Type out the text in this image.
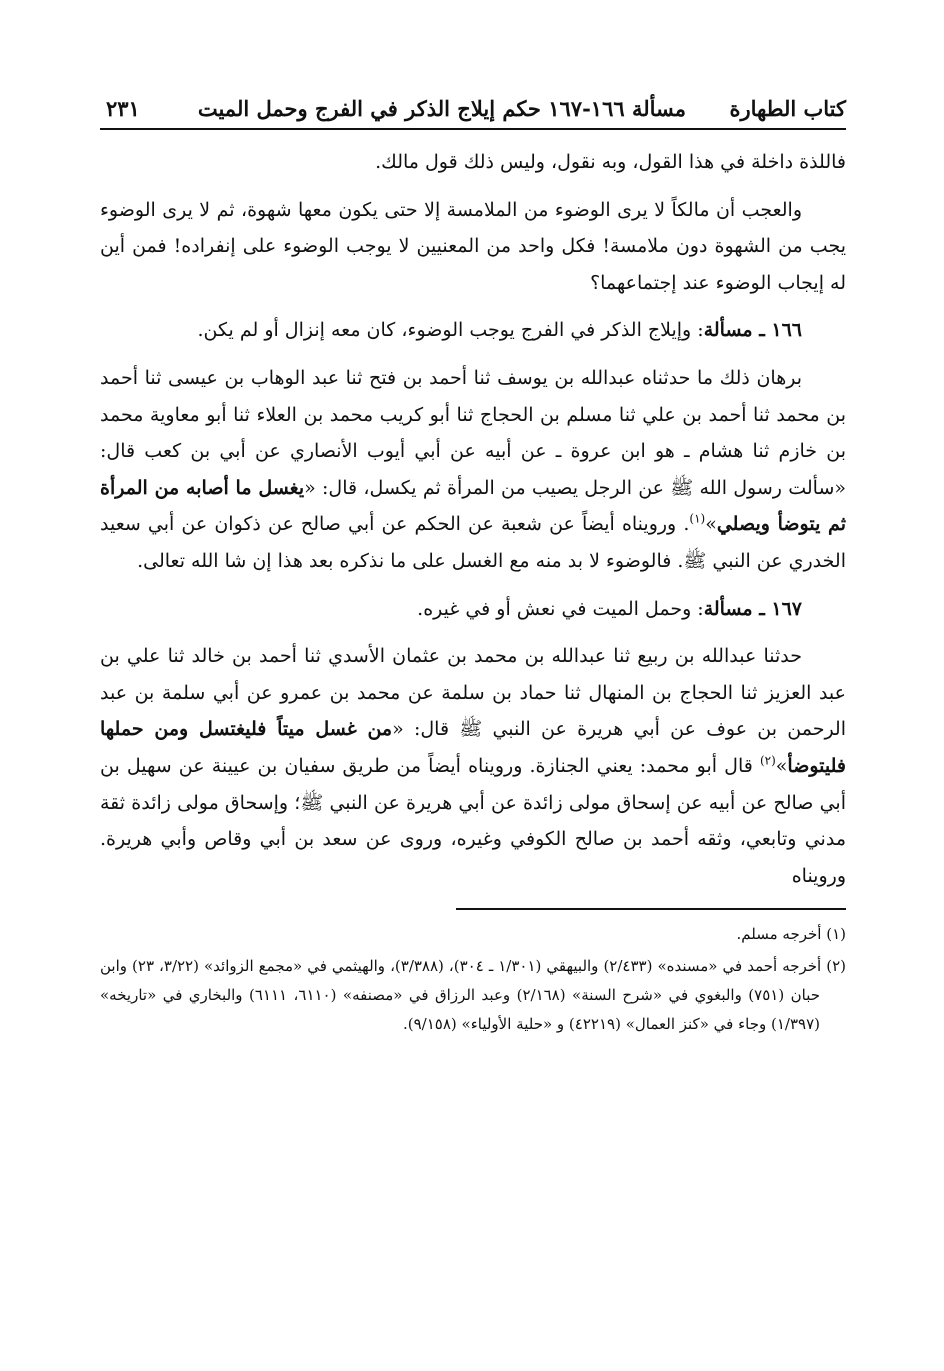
كتاب الطهارة
مسألة ١٦٦-١٦٧ حكم إيلاج الذكر في الفرج وحمل الميت
٢٣١

فاللذة داخلة في هذا القول، وبه نقول، وليس ذلك قول مالك.

والعجب أن مالكاً لا يرى الوضوء من الملامسة إلا حتى يكون معها شهوة، ثم لا يرى الوضوء يجب من الشهوة دون ملامسة! فكل واحد من المعنيين لا يوجب الوضوء على إنفراده! فمن أين له إيجاب الوضوء عند إجتماعهما؟

١٦٦ ـ مسألة: وإيلاج الذكر في الفرج يوجب الوضوء، كان معه إنزال أو لم يكن.

برهان ذلك ما حدثناه عبدالله بن يوسف ثنا أحمد بن فتح ثنا عبد الوهاب بن عيسى ثنا أحمد بن محمد ثنا أحمد بن علي ثنا مسلم بن الحجاج ثنا أبو كريب محمد بن العلاء ثنا أبو معاوية محمد بن خازم ثنا هشام ـ هو ابن عروة ـ عن أبيه عن أبي أيوب الأنصاري عن أبي بن كعب قال: «سألت رسول الله ﷺ عن الرجل يصيب من المرأة ثم يكسل، قال: «يغسل ما أصابه من المرأة ثم يتوضأ ويصلي»$^{(١)}$. ورويناه أيضاً عن شعبة عن الحكم عن أبي صالح عن ذكوان عن أبي سعيد الخدري عن النبي ﷺ. فالوضوء لا بد منه مع الغسل على ما نذكره بعد هذا إن شا الله تعالى.

١٦٧ ـ مسألة: وحمل الميت في نعش أو في غيره.

حدثنا عبدالله بن ربيع ثنا عبدالله بن محمد بن عثمان الأسدي ثنا أحمد بن خالد ثنا علي بن عبد العزيز ثنا الحجاج بن المنهال ثنا حماد بن سلمة عن محمد بن عمرو عن أبي سلمة بن عبد الرحمن بن عوف عن أبي هريرة عن النبي ﷺ قال: «من غسل ميتاً فليغتسل ومن حملها فليتوضأ»$^{(٢)}$ قال أبو محمد: يعني الجنازة. ورويناه أيضاً من طريق سفيان بن عيينة عن سهيل بن أبي صالح عن أبيه عن إسحاق مولى زائدة عن أبي هريرة عن النبي ﷺ؛ وإسحاق مولى زائدة ثقة مدني وتابعي، وثقه أحمد بن صالح الكوفي وغيره، وروى عن سعد بن أبي وقاص وأبي هريرة. ورويناه

(١) أخرجه مسلم.

(٢) أخرجه أحمد في «مسنده» (٢/٤٣٣) والبيهقي (١/٣٠١ ـ ٣٠٤)، (٣/٣٨٨)، والهيثمي في «مجمع الزوائد» (٣/٢٢، ٢٣) وابن حبان (٧٥١) والبغوي في «شرح السنة» (٢/١٦٨) وعبد الرزاق في «مصنفه» (٦١١٠، ٦١١١) والبخاري في «تاريخه» (١/٣٩٧) وجاء في «كنز العمال» (٤٢٢١٩) و «حلية الأولياء» (٩/١٥٨).
